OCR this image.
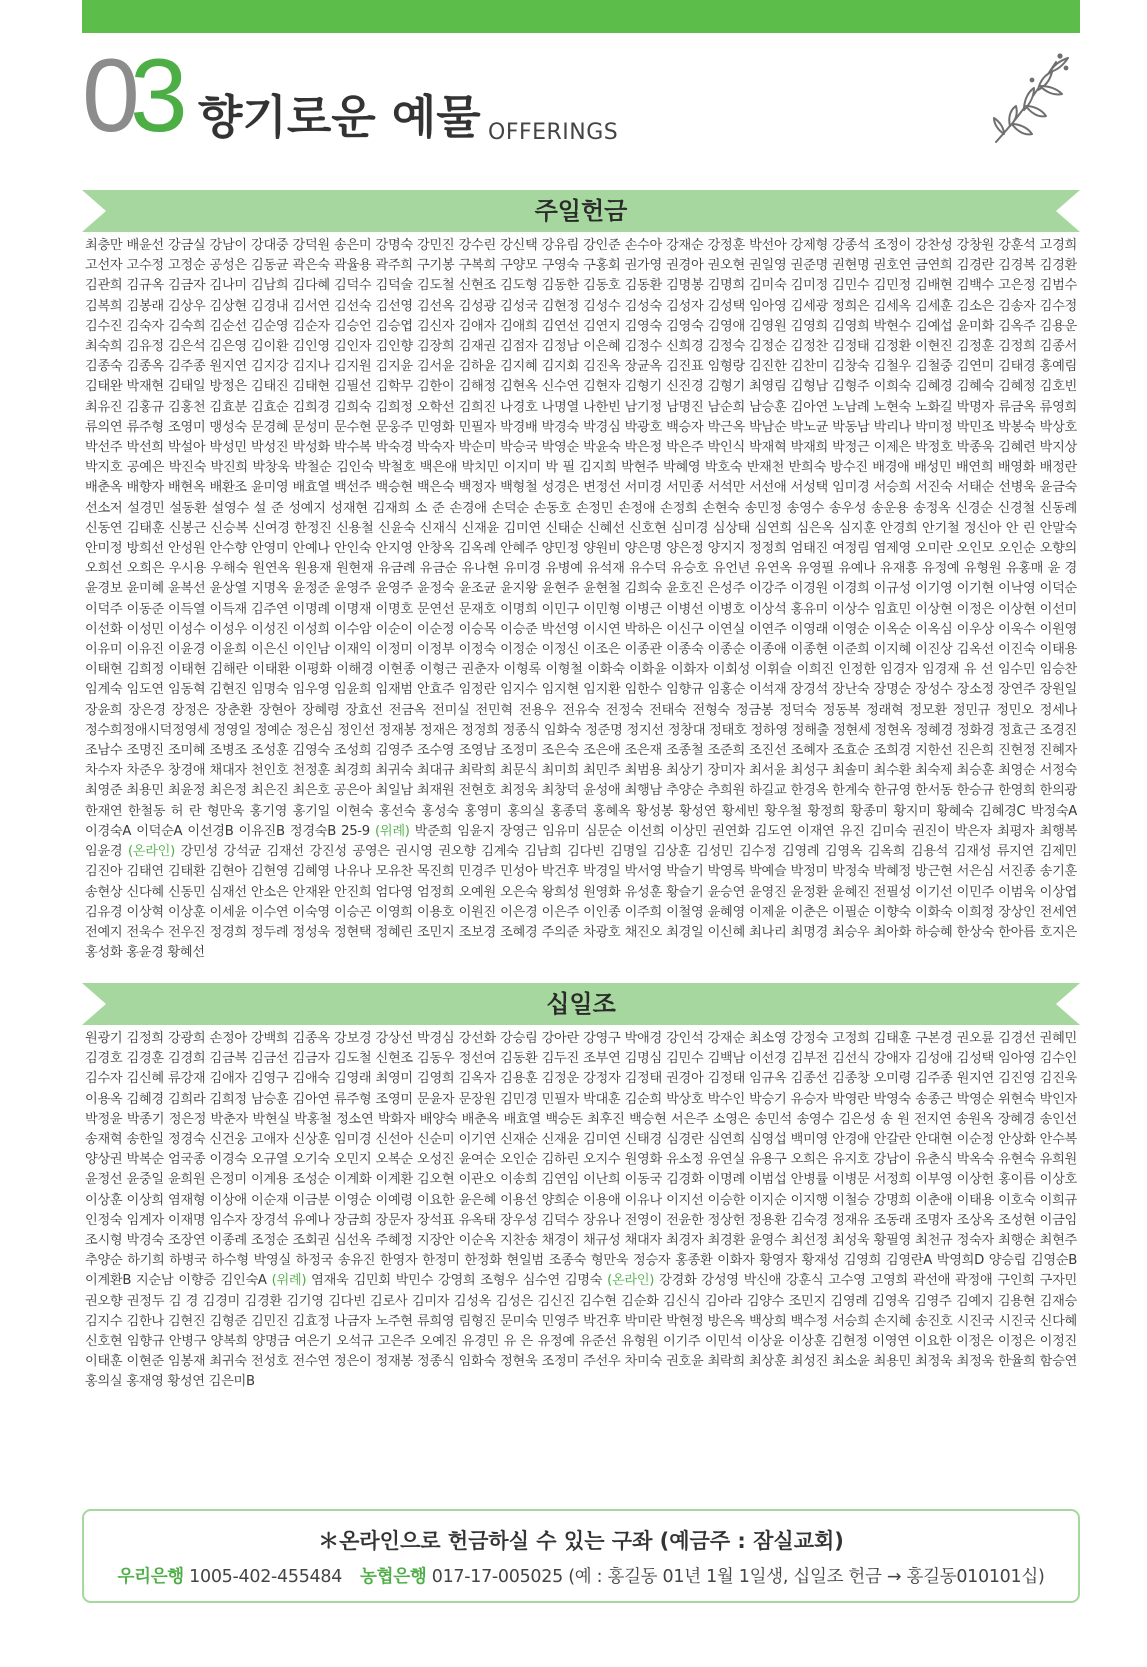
03 향기로운 예물 OFFERINGS
주일헌금
최충만 배윤선 강금실 강남이 강대중 강덕원 송은미 강명숙 강민진 강수린 강신택 강유림 강인준 손수아 강재순 강정훈 박선아 강제형 강종석 조정이 강찬성 강창원 강훈석 고경희 고선자 고수정 고정순 공성은 김동균 곽은숙 곽율용 곽주희 구기봉 구복희 구양모 구영숙 구홍회 권가영 권경아 권오현 권일영 권준명 권현명 권호연 금연희 김경란 김경복 김경환 김관희 김규옥 김금자 김나미 김남희 김다혜 김덕수 김덕술 김도철 신현조 김도형 김동한 김동호 김동환 김명봉 김명희 김미숙 김미정 김민수 김민정 김배현 김백수 고은정 김범수 김복희 김봉래 김상우 김상현 김경내 김서연 김선숙 김선영 김선옥 김성광 김성국 김현정 김성수 김성숙 김성자 김성택 임아영 김세광 정희은 김세옥 김세훈 김소은 김송자 김수정 김수진 김숙자 김숙희 김순선 김순영 김순자 김승언 김승엽 김신자 김애자 김애희 김연선 김연지 김영숙 김영숙 김영애 김영원 김영희 김영희 박현수 김예섭 윤미화 김옥주 김용운 최숙희 김유정 김은석 김은영 김이환 김인영 김인자 김인향 김장희 김재권 김점자 김정남 이은혜 김정수 신희경 김정숙 김정순 김정찬 김정태 김정환 이현진 김정훈 김정희 김종서 김종숙 김종옥 김주종 원지연 김지강 김지나 김지원 김지윤 김서윤 김하윤 김지혜 김지회 김진옥 장균옥 김진표 임형랑 김진한 김찬미 김창숙 김철우 김철중 김연미 김태경 홍예림 김태완 박재현 김태일 방정은 김태진 김태현 김필선 김학무 김한이 김해정 김현옥 신수연 김현자 김형기 신진경 김형기 최영림 김형남 김형주 이희숙 김혜경 김혜숙 김혜정 김호빈 최유진 김홍규 김홍천 김효분 김효순 김희경 김희숙 김희정 오학선 김희진 나경호 나명열 나한빈 남기정 남명진 남순희 남승훈 김아연 노남례 노현숙 노화길 박명자 류금옥 류영희 류의연 류주형 조영미 맹성숙 문경혜 문성미 문수현 문웅주 민영화 민필자 박경배 박경숙 박경심 박광호 백승자 박근옥 박남순 박노균 박동남 박리나 박미정 박민조 박봉숙 박상호 박선주 박선희 박설아 박성민 박성진 박성화 박수복 박숙경 박숙자 박순미 박승국 박영순 박윤숙 박은정 박은주 박인식 박재혁 박재희 박정근 이제은 박정호 박종욱 김혜련 박지상 박지호 공예은 박진숙 박진희 박창욱 박철순 김인숙 박철호 백은애 박치민 이지미 박 필 김지희 박현주 박혜영 박호숙 반재천 반희숙 방수진 배경애 배성민 배연희 배영화 배정란 배춘옥 배향자 배현옥 배환조 윤미영 배효열 백선주 백승현 백은숙 백정자 백형철 성경은 변정선 서미경 서민종 서석만 서선애 서성택 임미경 서승희 서진숙 서태순 선병욱 윤금숙 선소저 설경민 설동환 설영수 설 준 성예지 성재현 김재희 소 준 손경애 손덕순 손동호 손정민 손정애 손정희 손현숙 송민정 송영수 송우성 송운용 송정옥 신경순 신경철 신동례 신동연 김태훈 신봉근 신승복 신여경 한정진 신용철 신윤숙 신재식 신재윤 김미연 신태순 신혜선 신호현 심미경 심상태 심연희 심은옥 심지훈 안경희 안기철 정신아 안 린 안말숙 안미정 방희선 안성원 안수향 안영미 안예나 안인숙 안지영 안창옥 김옥례 안혜주 양민정 양원비 양은명 양은정 양지지 정정희 엄태진 여정림 염제영 오미란 오인모 오인순 오향의 오희선 오희은 우시용 우해숙 원연옥 원용재 원현재 유금례 유금순 유나현 유미경 유병예 유석재 유수덕 유승호 유언년 유연옥 유영필 유예나 유재흥 유정예 유형원 유홍매 윤 경 윤경보 윤미혜 윤복선 윤상열 지명옥 윤정준 윤영주 윤영주 윤정숙 윤조균 윤지왕 윤현주 윤현철 김희숙 윤호진 은성주 이강주 이경원 이경희 이규성 이기영 이기현 이낙영 이덕순 이덕주 이동준 이득열 이득재 김주연 이명례 이명재 이명호 문연선 문재호 이명희 이민구 이민형 이병근 이병선 이병호 이상석 홍유미 이상수 임효민 이상현 이정은 이상현 이선미 이선화 이성민 이성수 이성우 이성진 이성희 이수암 이순이 이순정 이승목 이승준 박선영 이시연 박하은 이신구 이연실 이연주 이영래 이영순 이옥순 이옥심 이우상 이욱수 이원영 이유미 이유진 이윤경 이윤희 이은신 이인남 이재익 이정미 이정부 이정숙 이정순 이정신 이조은 이종관 이종숙 이종순 이종애 이종현 이준희 이지혜 이진상 김옥선 이진숙 이태용 이태현 김희정 이태현 김해란 이태환 이평화 이해경 이현종 이형근 권춘자 이형록 이형철 이화숙 이화윤 이화자 이회성 이휘슬 이희진 인정한 임경자 임경재 유 선 임수민 임승찬 임계숙 임도연 임동혁 김현진 임명숙 임우영 임윤희 임재범 안효주 임정란 임지수 임지현 임지환 임한수 임향규 임홍순 이석재 장경석 장난숙 장명순 장성수 장소정 장연주 장원일 장윤희 장은경 장정은 장춘환 장현아 장혜령 장효선 전금옥 전미실 전민혁 전용우 전유숙 전정숙 전태숙 전형숙 정금봉 정덕숙 정동복 정래혁 정모환 정민규 정민오 정세나 정수희정애시덕정영세 정영일 정예순 정은심 정인선 정재봉 정재은 정정희 정종식 임화숙 정준명 정지선 정창대 정태호 정하영 정해출 정현세 정현옥 정혜경 정화경 정효근 조경진 조남수 조명진 조미혜 조병조 조성훈 김영숙 조성희 김영주 조수영 조영남 조정미 조은숙 조은애 조은재 조종철 조준희 조진선 조혜자 조효순 조희경 지한선 진은희 진현정 진혜자 차수자 차준우 창경애 채대자 천인호 천정훈 최경희 최귀숙 최대규 최락희 최문식 최미희 최민주 최범용 최상기 장미자 최서윤 최성구 최솔미 최수환 최숙제 최승훈 최영순 서정숙 최영준 최용민 최윤정 최은정 최은진 최은호 공은아 최일남 최재원 전현호 최정욱 최창덕 윤성애 최행남 추양순 추희원 하길교 한경옥 한계숙 한규영 한서동 한승규 한영희 한의광 한재연 한철동 허 란 형만욱 홍기영 홍기일 이현숙 홍선숙 홍성숙 홍영미 홍의실 홍종덕 홍혜옥 황성봉 황성연 황세빈 황우철 황정희 황종미 황지미 황혜숙 김혜경C 박정숙A 이경숙A 이덕순A 이선경B 이유진B 정경숙B 25-9 (위례) 박준희 임윤지 장영근 임유미 심문순 이선희 이상민 권연화 김도연 이재연 유진 김미숙 권진이 박은자 최평자 최행복 임윤경 (온라인) 강민성 강석균 김재선 강진성 공영은 권시영 권오향 김계숙 김남희 김다빈 김명일 김상훈 김성민 김수정 김영례 김영옥 김옥희 김용석 김재성 류지연 김제민 김진아 김태연 김태환 김현아 김현영 김혜영 나유나 모유찬 목진희 민경주 민성아 박건후 박경일 박서영 박슬기 박영록 박예슬 박정미 박정숙 박혜정 방근현 서은심 서진종 송기훈 송현상 신다혜 신동민 심재선 안소은 안재완 안진희 엄다영 엄정희 오예원 오은숙 왕희성 원영화 유성훈 황슬기 윤승연 윤영진 윤정환 윤혜진 전필성 이기선 이민주 이범욱 이상엽 김유경 이상혁 이상훈 이세윤 이수연 이숙영 이승곤 이영희 이용호 이원진 이은경 이은주 이인종 이주희 이철영 윤혜영 이제윤 이춘은 이필순 이향숙 이화숙 이희정 장상인 전세연 전예지 전욱수 전우진 정경희 정두례 정성욱 정현택 정혜린 조민지 조보경 조혜경 주의준 차광호 채진오 최경일 이신혜 최나리 최명경 최승우 최아화 하승혜 한상숙 한아름 호지은 홍성화 홍윤경 황혜선
십일조
원광기 김정희 강광희 손정아 강백희 김종옥 강보경 강상선 박경심 강선화 강승림 강아란 강영구 박애경 강인석 강재순 최소영 강정숙 고정희 김태훈 구본경 권오륜 김경선 권혜민 김경호 김경훈 김경희 김금복 김금선 김금자 김도철 신현조 김동우 정선여 김동환 김두진 조부연 김명심 김민수 김백남 이선경 김부전 김선식 강애자 김성애 김성택 임아영 김수인 김수자 김신혜 류강재 김애자 김영구 김애숙 김영래 최영미 김영희 김옥자 김용훈 김정운 강정자 김정태 권경아 김정태 임규옥 김종선 김종창 오미령 김주종 원지연 김진영 김진욱 이용옥 김혜경 김희라 김희정 남승훈 김아연 류주형 조영미 문윤자 문장원 김민경 민필자 박대훈 김순희 박상호 박수인 박승기 유승자 박영란 박영숙 송종근 박영순 위현숙 박인자 박정윤 박종기 정은정 박춘자 박현실 박홍철 정소연 박화자 배양숙 배춘옥 배효열 백승돈 최후진 백승현 서은주 소영은 송민석 송영수 김은성 송 원 전지연 송원옥 장혜경 송인선 송재혁 송한일 정경숙 신건웅 고애자 신상훈 임미경 신선아 신순미 이기연 신재순 신재윤 김미연 신태경 심경란 심연희 심영섭 백미영 안경애 안갈란 안대현 이순정 안상화 안수복 양상권 박복순 엄국종 이경숙 오규열 오기숙 오민지 오복순 오성진 윤여순 오인순 김하린 오지수 원영화 유소정 유연실 유용구 오희은 유지호 강남이 유춘식 박옥숙 유현숙 유희원 윤정선 윤중일 윤희원 은정미 이계용 조성순 이계화 이계환 김오현 이관오 이송희 김연임 이난희 이동국 김경화 이명례 이범섭 안병률 이병문 서정희 이부영 이상헌 홍이름 이상호 이상훈 이상희 염재형 이상애 이순재 이금분 이영순 이예령 이요한 윤은혜 이용선 양희순 이용애 이유나 이지선 이승한 이지순 이지행 이철승 강명희 이춘애 이태용 이호숙 이희규 인정숙 임계자 이재명 임수자 장경석 유예나 장금희 장문자 장석표 유옥태 장우성 김덕수 장유나 전영이 전윤한 정상헌 정용환 김숙경 정재유 조동래 조명자 조상옥 조성현 이금임 조시형 박경숙 조장연 이종례 조정순 조회권 심선옥 주혜정 지장안 이순옥 지찬송 채경이 채규성 채대자 최경자 최경환 윤영수 최선정 최성욱 황필영 최천규 정숙자 최행순 최현주 추양순 하기희 하병국 하수형 박영실 하정국 송유진 한영자 한정미 한정화 현일범 조종숙 형만욱 정승자 홍종환 이화자 황영자 황재성 김영희 김영란A 박영희D 양승립 김영순B 이계환B 지순남 이향증 김인숙A (위례) 염재욱 김민회 박민수 강영희 조형우 심수연 김명숙 (온라인) 강경화 강성영 박신애 강훈식 고수영 고영희 곽선애 곽정애 구인희 구자민 권오향 권정두 김 경 김경미 김경환 김기영 김다빈 김로사 김미자 김성옥 김성은 김신진 김수현 김순화 김신식 김아라 김양수 조민지 김영례 김영옥 김영주 김예지 김용현 김재승 김지수 김한나 김현진 김형준 김민진 김효정 나금자 노주현 류희영 림형진 문미숙 민영주 박건후 박미란 박현정 방은옥 백상희 백수정 서승희 손지혜 송진호 시진국 시진국 신다혜 신호현 임향규 안병구 양복희 양명금 여은기 오석규 고은주 오예진 유경민 유 은 유정예 유준선 유형원 이기주 이민석 이상윤 이상훈 김현정 이영연 이요한 이정은 이정은 이정진 이태훈 이현준 임봉재 최귀숙 전성호 전수연 정은이 정재봉 정종식 임화숙 정현욱 조정미 주선우 차미숙 권호윤 최락희 최상훈 최성진 최소윤 최용민 최정욱 최정욱 한율희 함승연 홍의실 홍재영 황성연 김은미B
＊온라인으로 헌금하실 수 있는 구좌 (예금주 : 잠실교회)
우리은행 1005-402-455484 농협은행 017-17-005025 (예 : 홍길동 01년 1월 1일생, 십일조 헌금 → 홍길동010101십)
